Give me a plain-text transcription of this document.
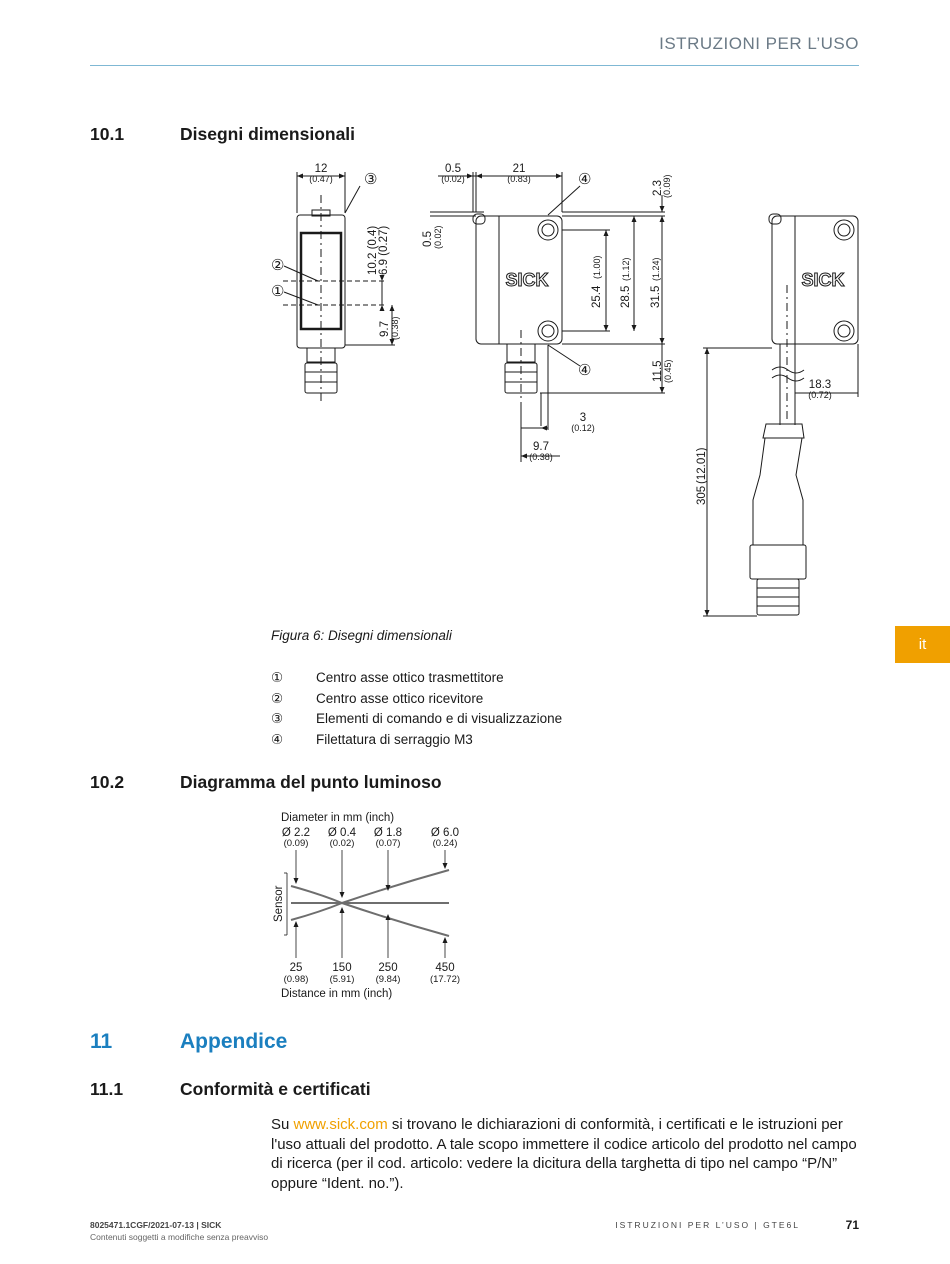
ISTRUZIONI PER L’USO
10.1	Disegni dimensionali
SICK	SICK
12
(0.47) ③
②
①
0.5
(0.02)
21
(0.83)	④
④
18.3
(0.72)
3
(0.12)
9.7
(0.38)
2.3
(0.09)
0.5 (0.02)
10.2 (0.4) 6.9 (0.27)
9.7 (0.38)
25.4
(1.00)
28.5
(1.12)
31.5
(1.24)
11.5 (0.45)
305
(12.01)
it
Figura 6: Disegni dimensionali
① Centro asse ottico trasmettitore
② Centro asse ottico ricevitore
③ Elementi di comando e di visualizzazione
④ Filettatura di serraggio M3
10.2	Diagramma del punto luminoso
Diameter in mm (inch)
Ø 2.2
(0.09)
Ø 0.4
(0.02)
Ø 1.8
(0.07)
Ø 6.0
(0.24)
25
(0.98)
150
(5.91)
250
(9.84)
450
(17.72)
Distance in mm (inch)
Sensor
11	Appendice
11.1	Conformità e certificati
Su www.sick.com si trovano le dichiarazioni di conformità, i certificati e le istruzioni per l'uso attuali del prodotto. A tale scopo immettere il codice articolo del prodotto nel campo di ricerca (per il cod. articolo: vedere la dicitura della targhetta di tipo nel campo “P/N” oppure “Ident. no.”).
8025471.1CGF/2021-07-13 | SICK
Contenuti soggetti a modifiche senza preavviso
ISTRUZIONI PER L’USO | GTE6L	71
